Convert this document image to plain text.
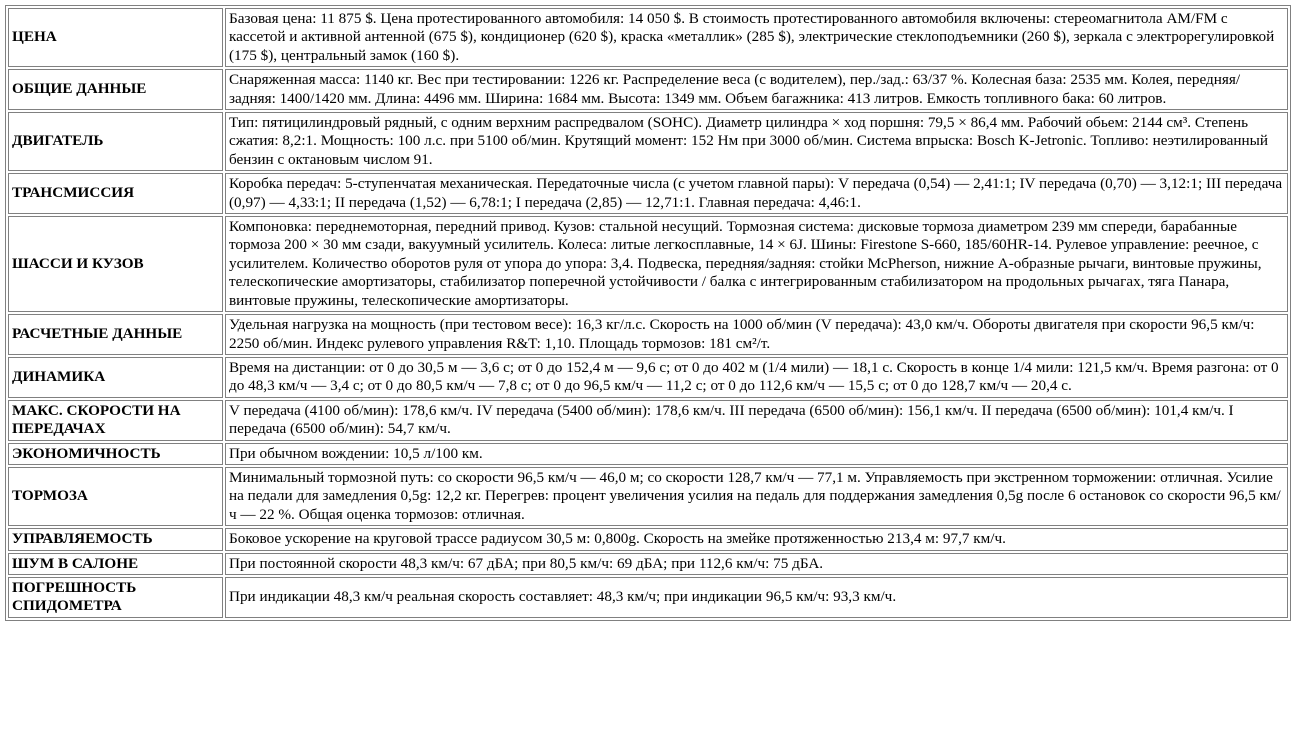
ЦЕНА	Базовая цена: 11 875 $. Цена протестированного автомобиля: 14 050 $. В стоимость протестированного автомобиля включены: стереомагнитола AM/FM с кассетой и активной антенной (675 $), кондиционер (620 $), краска «металлик» (285 $), электрические стеклоподъемники (260 $), зеркала с электрорегулировкой (175 $), центральный замок (160 $).
ОБЩИЕ ДАННЫЕ	Снаряженная масса: 1140 кг. Вес при тестировании: 1226 кг. Распределение веса (с водителем), пер./зад.: 63/37 %. Колесная база: 2535 мм. Колея, передняя/задняя: 1400/1420 мм. Длина: 4496 мм. Ширина: 1684 мм. Высота: 1349 мм. Объем багажника: 413 литров. Емкость топливного бака: 60 литров.
ДВИГАТЕЛЬ	Тип: пятицилиндровый рядный, с одним верхним распредвалом (SOHC). Диаметр цилиндра × ход поршня: 79,5 × 86,4 мм. Рабочий обьем: 2144 см³. Степень сжатия: 8,2:1. Мощность: 100 л.с. при 5100 об/мин. Крутящий момент: 152 Нм при 3000 об/мин. Система впрыска: Bosch K-Jetronic. Топливо: неэтилированный бензин с октановым числом 91.
ТРАНСМИССИЯ	Коробка передач: 5-ступенчатая механическая. Передаточные числа (с учетом главной пары): V передача (0,54) — 2,41:1; IV передача (0,70) — 3,12:1; III передача (0,97) — 4,33:1; II передача (1,52) — 6,78:1; I передача (2,85) — 12,71:1. Главная передача: 4,46:1.
ШАССИ И КУЗОВ	Компоновка: переднемоторная, передний привод. Кузов: стальной несущий. Тормозная система: дисковые тормоза диаметром 239 мм спереди, барабанные тормоза 200 × 30 мм сзади, вакуумный усилитель. Колеса: литые легкосплавные, 14 × 6J. Шины: Firestone S-660, 185/60HR-14. Рулевое управление: реечное, с усилителем. Количество оборотов руля от упора до упора: 3,4. Подвеска, передняя/задняя: стойки McPherson, нижние А-образные рычаги, винтовые пружины, телескопические амортизаторы, стабилизатор поперечной устойчивости / балка с интегрированным стабилизатором на продольных рычагах, тяга Панара, винтовые пружины, телескопические амортизаторы.
РАСЧЕТНЫЕ ДАННЫЕ	Удельная нагрузка на мощность (при тестовом весе): 16,3 кг/л.с. Скорость на 1000 об/мин (V передача): 43,0 км/ч. Обороты двигателя при скорости 96,5 км/ч: 2250 об/мин. Индекс рулевого управления R&T: 1,10. Площадь тормозов: 181 см²/т.
ДИНАМИКА	Время на дистанции: от 0 до 30,5 м — 3,6 с; от 0 до 152,4 м — 9,6 с; от 0 до 402 м (1/4 мили) — 18,1 с. Скорость в конце 1/4 мили: 121,5 км/ч. Время разгона: от 0 до 48,3 км/ч — 3,4 с; от 0 до 80,5 км/ч — 7,8 с; от 0 до 96,5 км/ч — 11,2 с; от 0 до 112,6 км/ч — 15,5 с; от 0 до 128,7 км/ч — 20,4 с.
МАКС. СКОРОСТИ НА ПЕРЕДАЧАХ	V передача (4100 об/мин): 178,6 км/ч. IV передача (5400 об/мин): 178,6 км/ч. III передача (6500 об/мин): 156,1 км/ч. II передача (6500 об/мин): 101,4 км/ч. I передача (6500 об/мин): 54,7 км/ч.
ЭКОНОМИЧНОСТЬ	При обычном вождении: 10,5 л/100 км.
ТОРМОЗА	Минимальный тормозной путь: со скорости 96,5 км/ч — 46,0 м; со скорости 128,7 км/ч — 77,1 м. Управляемость при экстренном торможении: отличная. Усилие на педали для замедления 0,5g: 12,2 кг. Перегрев: процент увеличения усилия на педаль для поддержания замедления 0,5g после 6 остановок со скорости 96,5 км/ч — 22 %. Общая оценка тормозов: отличная.
УПРАВЛЯЕМОСТЬ	Боковое ускорение на круговой трассе радиусом 30,5 м: 0,800g. Скорость на змейке протяженностью 213,4 м: 97,7 км/ч.
ШУМ В САЛОНЕ	При постоянной скорости 48,3 км/ч: 67 дБА; при 80,5 км/ч: 69 дБА; при 112,6 км/ч: 75 дБА.
ПОГРЕШНОСТЬ СПИДОМЕТРА	При индикации 48,3 км/ч реальная скорость составляет: 48,3 км/ч; при индикации 96,5 км/ч: 93,3 км/ч.
